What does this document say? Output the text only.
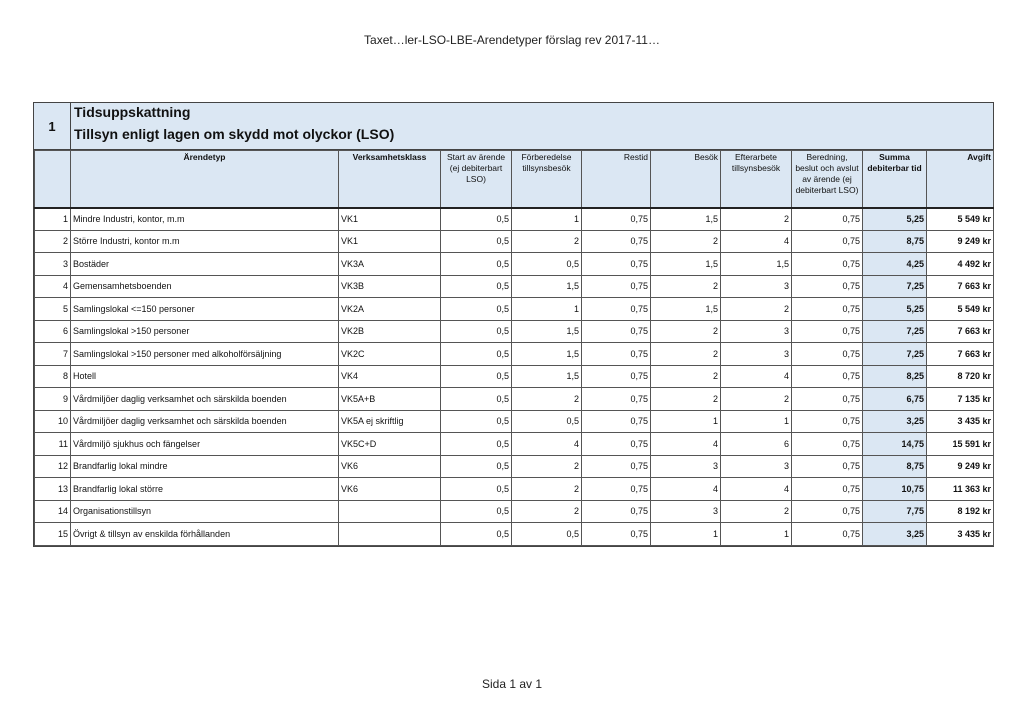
Taxet…ler-LSO-LBE-Arendetyper förslag rev 2017-11…
1
Tidsuppskattning
Tillsyn enligt lagen om skydd mot olyckor (LSO)
	Ärendetyp	Verksamhetsklass	Start av ärende (ej debiterbart LSO)	Förberedelse tillsynsbesök	Restid	Besök	Efterarbete tillsynsbesök	Beredning, beslut och avslut av ärende (ej debiterbart LSO)	Summa debiterbar tid	Avgift
1	Mindre Industri, kontor, m.m	VK1	0,5	1	0,75	1,5	2	0,75	5,25	5 549 kr
2	Större Industri, kontor m.m	VK1	0,5	2	0,75	2	4	0,75	8,75	9 249 kr
3	Bostäder	VK3A	0,5	0,5	0,75	1,5	1,5	0,75	4,25	4 492 kr
4	Gemensamhetsboenden	VK3B	0,5	1,5	0,75	2	3	0,75	7,25	7 663 kr
5	Samlingslokal <=150 personer	VK2A	0,5	1	0,75	1,5	2	0,75	5,25	5 549 kr
6	Samlingslokal >150 personer	VK2B	0,5	1,5	0,75	2	3	0,75	7,25	7 663 kr
7	Samlingslokal >150 personer med alkoholförsäljning	VK2C	0,5	1,5	0,75	2	3	0,75	7,25	7 663 kr
8	Hotell	VK4	0,5	1,5	0,75	2	4	0,75	8,25	8 720 kr
9	Vårdmiljöer daglig verksamhet och särskilda boenden	VK5A+B	0,5	2	0,75	2	2	0,75	6,75	7 135 kr
10	Vårdmiljöer daglig verksamhet och särskilda boenden	VK5A ej skriftlig	0,5	0,5	0,75	1	1	0,75	3,25	3 435 kr
11	Vårdmiljö sjukhus och fängelser	VK5C+D	0,5	4	0,75	4	6	0,75	14,75	15 591 kr
12	Brandfarlig lokal mindre	VK6	0,5	2	0,75	3	3	0,75	8,75	9 249 kr
13	Brandfarlig lokal större	VK6	0,5	2	0,75	4	4	0,75	10,75	11 363 kr
14	Organisationstillsyn		0,5	2	0,75	3	2	0,75	7,75	8 192 kr
15	Övrigt & tillsyn av enskilda förhållanden		0,5	0,5	0,75	1	1	0,75	3,25	3 435 kr
Sida 1 av 1
